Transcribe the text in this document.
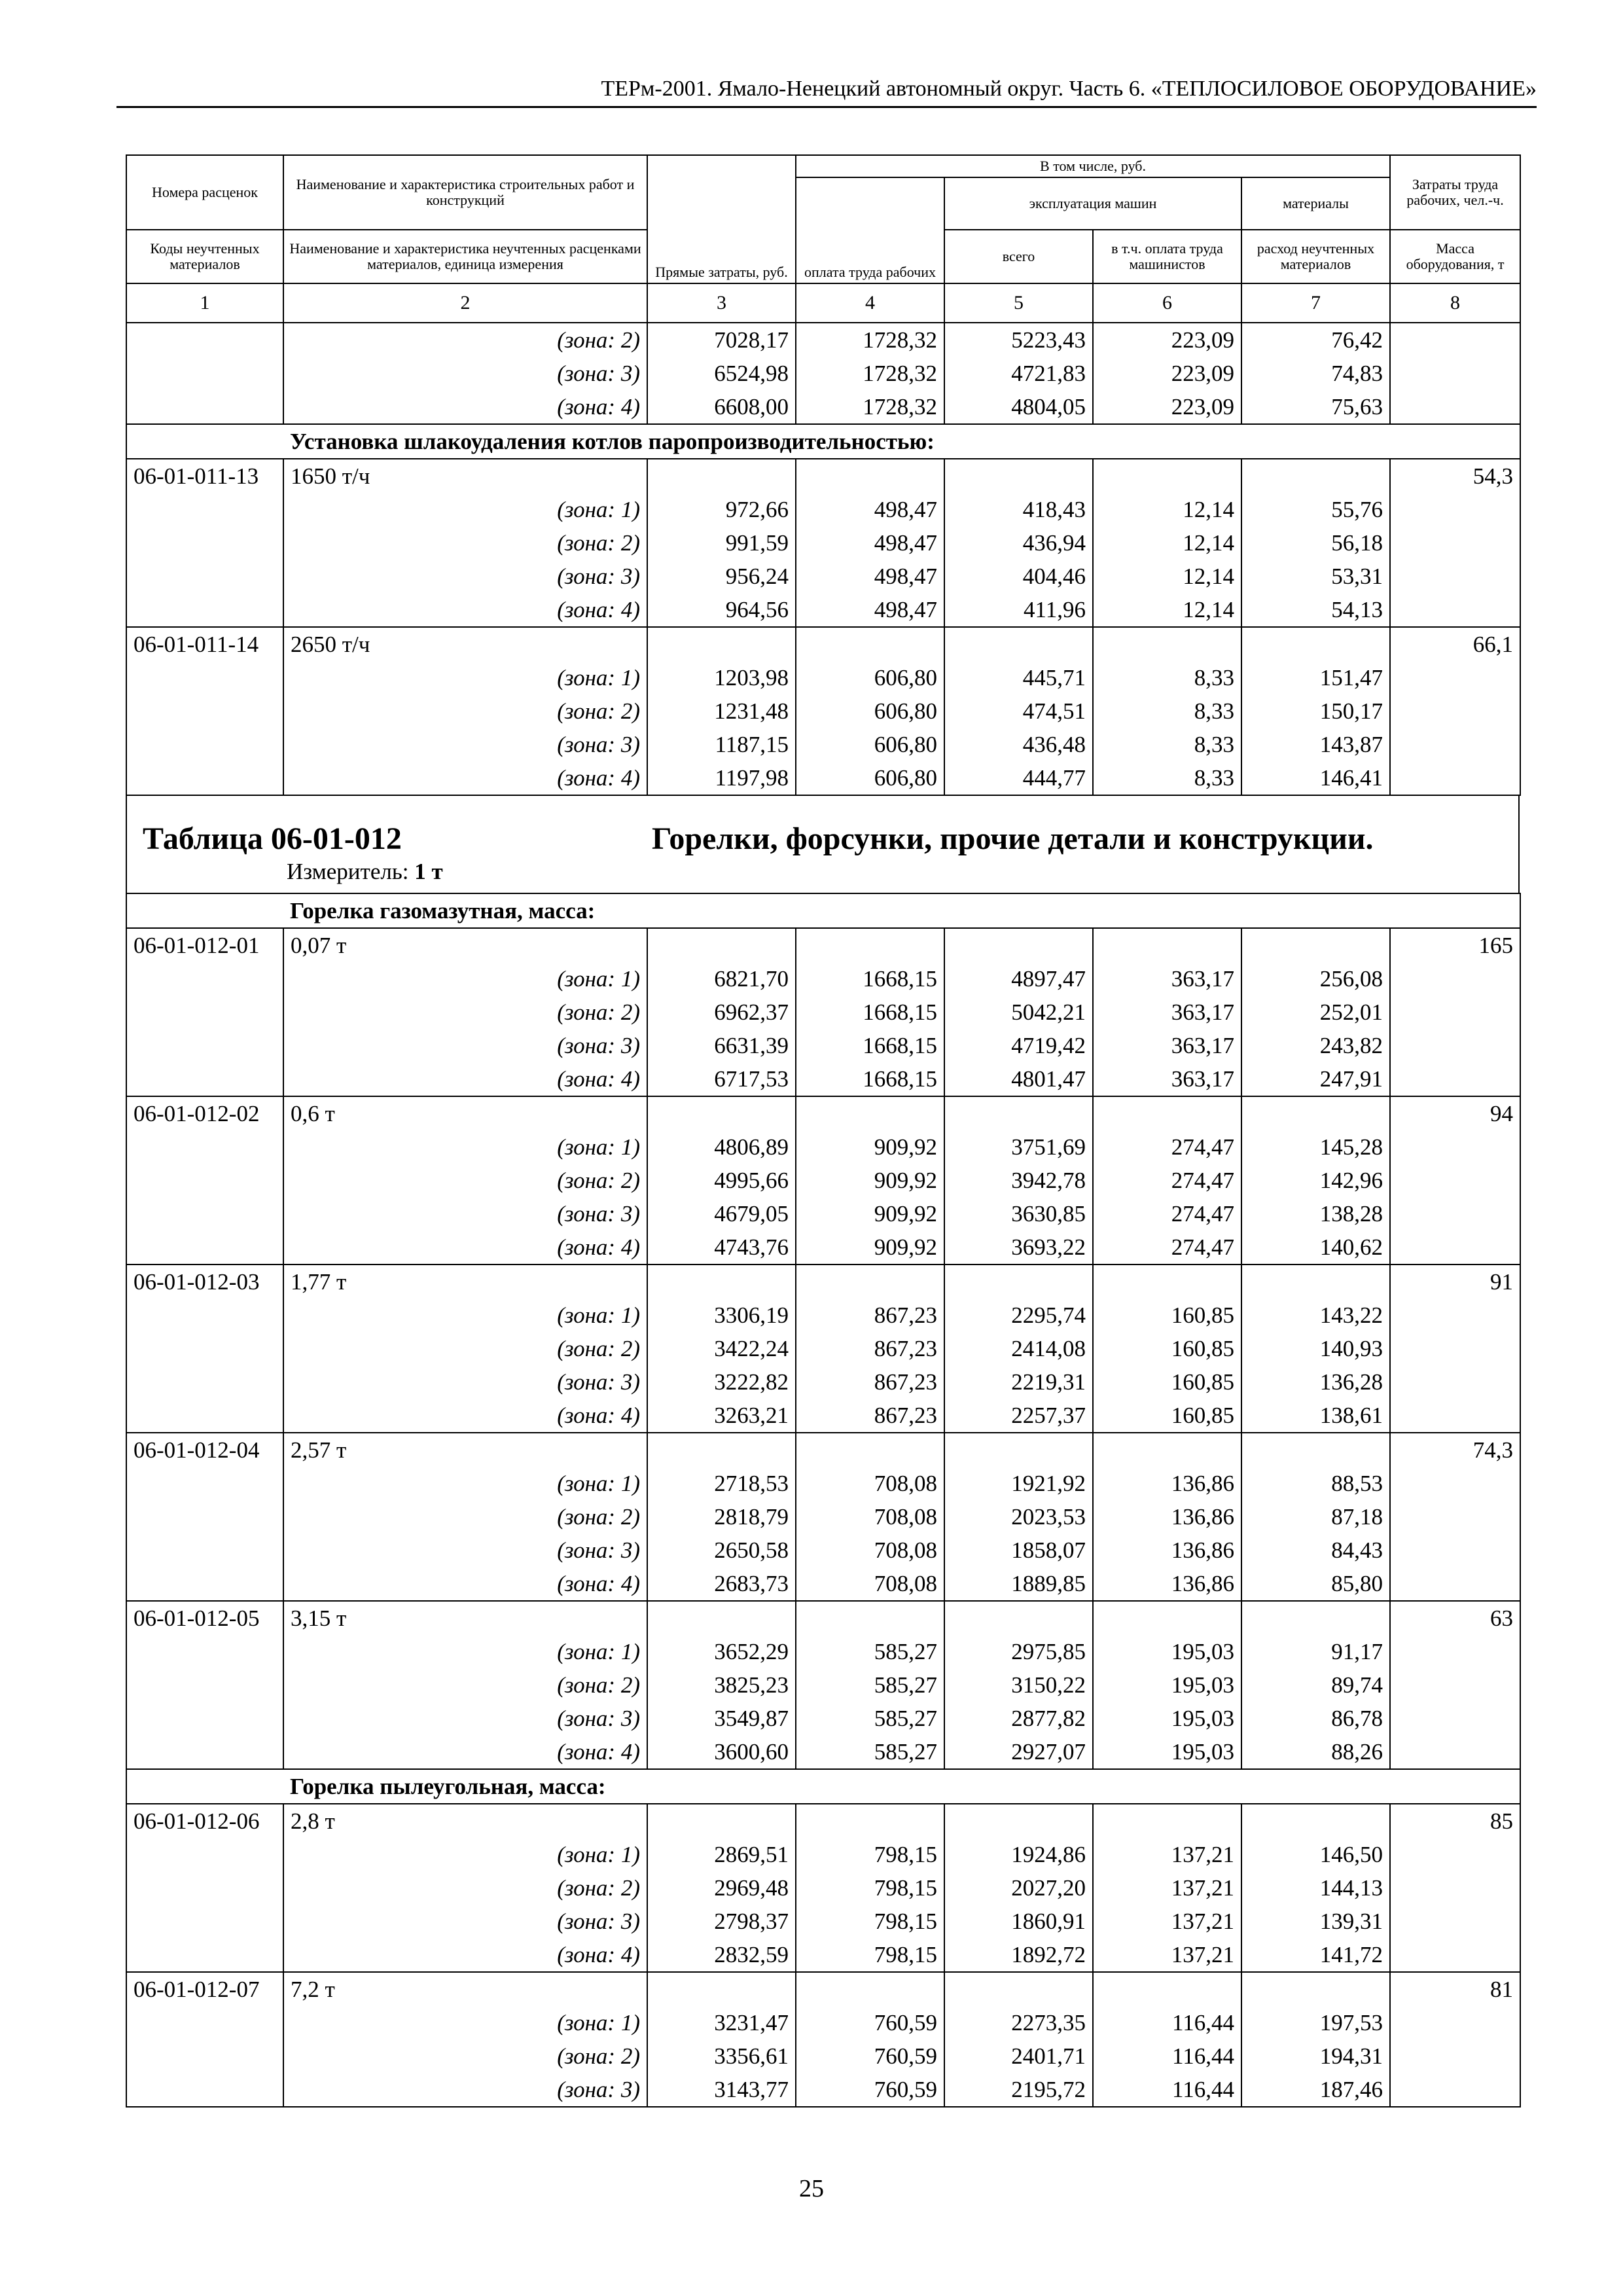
ТЕРм-2001. Ямало-Ненецкий автономный округ. Часть 6. «ТЕПЛОСИЛОВОЕ ОБОРУДОВАНИЕ»
Номера расценок	Наименование и характеристика строительных работ и конструкций	Прямые затраты, руб.	В том числе, руб.				Затраты труда рабочих, чел.-ч.
			оплата труда рабочих	эксплуатация машин		материалы	
Коды неучтенных материалов	Наименование и характеристика неучтенных расценками материалов, единица измерения			всего	в т.ч. оплата труда машинистов	расход неучтенных материалов	Масса оборудования, т
1	2	3	4	5	6	7	8
	(зона: 2)	7028,17	1728,32	5223,43	223,09	76,42	
	(зона: 3)	6524,98	1728,32	4721,83	223,09	74,83	
	(зона: 4)	6608,00	1728,32	4804,05	223,09	75,63	
	Установка шлакоудаления котлов паропроизводительностью:						
06-01-011-13	1650 т/ч						54,3
	(зона: 1)	972,66	498,47	418,43	12,14	55,76	
	(зона: 2)	991,59	498,47	436,94	12,14	56,18	
	(зона: 3)	956,24	498,47	404,46	12,14	53,31	
	(зона: 4)	964,56	498,47	411,96	12,14	54,13	
06-01-011-14	2650 т/ч						66,1
	(зона: 1)	1203,98	606,80	445,71	8,33	151,47	
	(зона: 2)	1231,48	606,80	474,51	8,33	150,17	
	(зона: 3)	1187,15	606,80	436,48	8,33	143,87	
	(зона: 4)	1197,98	606,80	444,77	8,33	146,41	
Таблица 06-01-012	Горелки, форсунки, прочие детали и конструкции.
Измеритель: 1 т
	Горелка газомазутная, масса:						
06-01-012-01	0,07 т						165
	(зона: 1)	6821,70	1668,15	4897,47	363,17	256,08	
	(зона: 2)	6962,37	1668,15	5042,21	363,17	252,01	
	(зона: 3)	6631,39	1668,15	4719,42	363,17	243,82	
	(зона: 4)	6717,53	1668,15	4801,47	363,17	247,91	
06-01-012-02	0,6 т						94
	(зона: 1)	4806,89	909,92	3751,69	274,47	145,28	
	(зона: 2)	4995,66	909,92	3942,78	274,47	142,96	
	(зона: 3)	4679,05	909,92	3630,85	274,47	138,28	
	(зона: 4)	4743,76	909,92	3693,22	274,47	140,62	
06-01-012-03	1,77 т						91
	(зона: 1)	3306,19	867,23	2295,74	160,85	143,22	
	(зона: 2)	3422,24	867,23	2414,08	160,85	140,93	
	(зона: 3)	3222,82	867,23	2219,31	160,85	136,28	
	(зона: 4)	3263,21	867,23	2257,37	160,85	138,61	
06-01-012-04	2,57 т						74,3
	(зона: 1)	2718,53	708,08	1921,92	136,86	88,53	
	(зона: 2)	2818,79	708,08	2023,53	136,86	87,18	
	(зона: 3)	2650,58	708,08	1858,07	136,86	84,43	
	(зона: 4)	2683,73	708,08	1889,85	136,86	85,80	
06-01-012-05	3,15 т						63
	(зона: 1)	3652,29	585,27	2975,85	195,03	91,17	
	(зона: 2)	3825,23	585,27	3150,22	195,03	89,74	
	(зона: 3)	3549,87	585,27	2877,82	195,03	86,78	
	(зона: 4)	3600,60	585,27	2927,07	195,03	88,26	
	Горелка пылеугольная, масса:						
06-01-012-06	2,8 т						85
	(зона: 1)	2869,51	798,15	1924,86	137,21	146,50	
	(зона: 2)	2969,48	798,15	2027,20	137,21	144,13	
	(зона: 3)	2798,37	798,15	1860,91	137,21	139,31	
	(зона: 4)	2832,59	798,15	1892,72	137,21	141,72	
06-01-012-07	7,2 т						81
	(зона: 1)	3231,47	760,59	2273,35	116,44	197,53	
	(зона: 2)	3356,61	760,59	2401,71	116,44	194,31	
	(зона: 3)	3143,77	760,59	2195,72	116,44	187,46	
25
